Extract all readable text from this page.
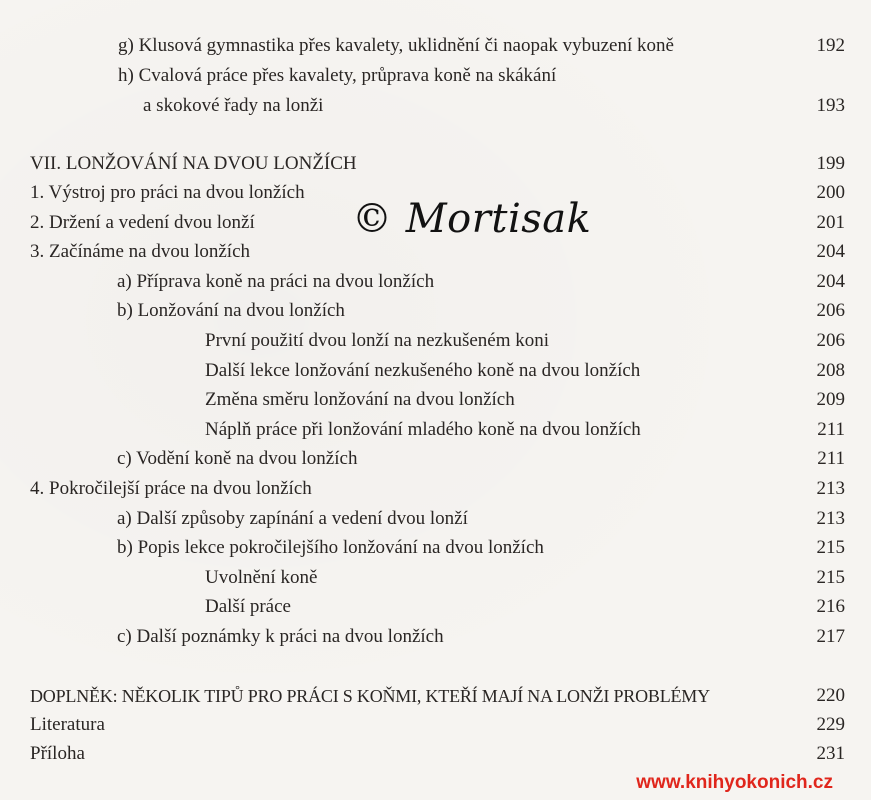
g) Klusová gymnastika přes kavalety, uklidnění či naopak vybuzení koně	192
h) Cvalová práce přes kavalety, průprava koně na skákání
a skokové řady na lonži	193
VII. LONŽOVÁNÍ NA DVOU LONŽÍCH	199
1. Výstroj pro práci na dvou lonžích	200
2. Držení a vedení dvou lonží	201
3. Začínáme na dvou lonžích	204
a) Příprava koně na práci na dvou lonžích	204
b) Lonžování na dvou lonžích	206
První použití dvou lonží na nezkušeném koni	206
Další lekce lonžování nezkušeného koně na dvou lonžích	208
Změna směru lonžování na dvou lonžích	209
Náplň práce při lonžování mladého koně na dvou lonžích	211
c) Vodění koně na dvou lonžích	211
4. Pokročilejší práce na dvou lonžích	213
a) Další způsoby zapínání a vedení dvou lonží	213
b) Popis lekce pokročilejšího lonžování na dvou lonžích	215
Uvolnění koně	215
Další práce	216
c) Další poznámky k práci na dvou lonžích	217
DOPLNĚK: NĚKOLIK TIPŮ PRO PRÁCI S KOŇMI, KTEŘÍ MAJÍ NA LONŽI PROBLÉMY	220
Literatura	229
Příloha	231
© Mortisak
www.knihyokonich.cz
